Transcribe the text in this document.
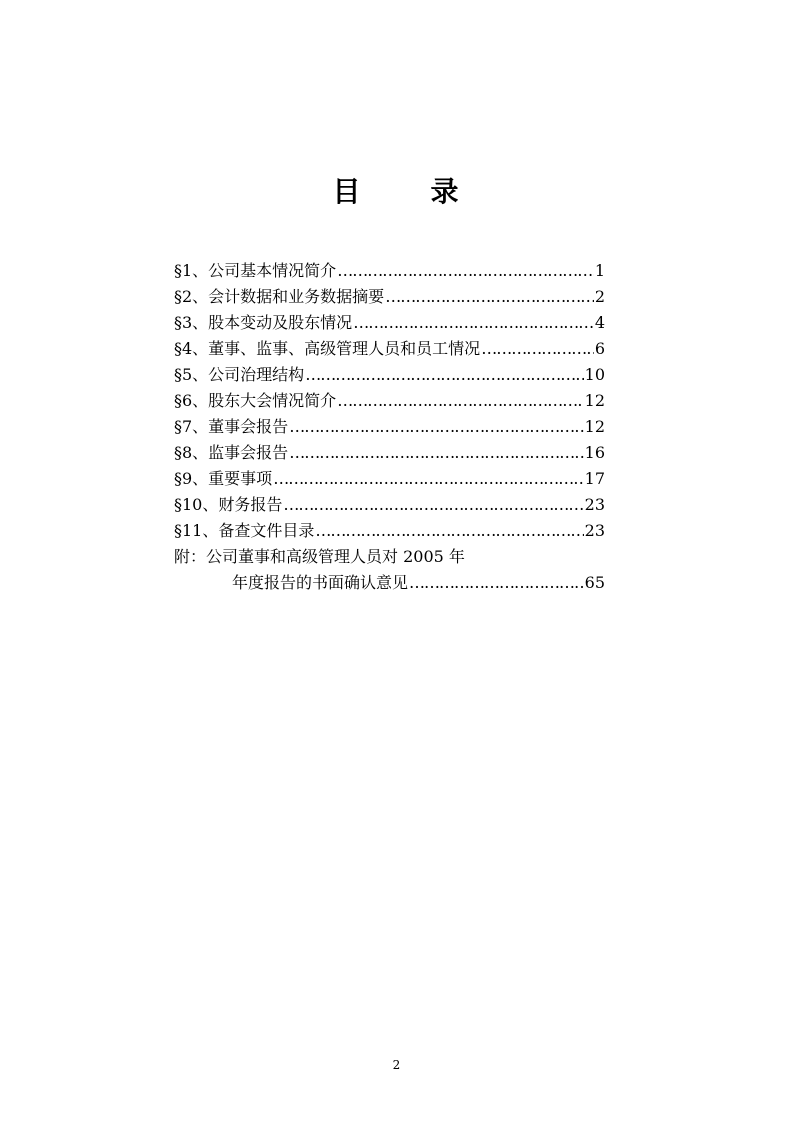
目 录
§1、公司基本情况简介 ………………………………………………………………………………………………………………………………………………………………	1
§2、会计数据和业务数据摘要 ………………………………………………………………………………………………………………………………………………………………	2
§3、股本变动及股东情况 ………………………………………………………………………………………………………………………………………………………………	4
§4、董事、监事、高级管理人员和员工情况 ………………………………………………………………………………………………………………………………………………………………	6
§5、公司治理结构 ………………………………………………………………………………………………………………………………………………………………	10
§6、股东大会情况简介 ………………………………………………………………………………………………………………………………………………………………	12
§7、董事会报告 ………………………………………………………………………………………………………………………………………………………………	12
§8、监事会报告 ………………………………………………………………………………………………………………………………………………………………	16
§9、重要事项 ………………………………………………………………………………………………………………………………………………………………	17
§10、财务报告 ………………………………………………………………………………………………………………………………………………………………	23
§11、备查文件目录 ………………………………………………………………………………………………………………………………………………………………	23
附：公司董事和高级管理人员对 2005 年
年度报告的书面确认意见 ………………………………………………………………………………………………………………………………………………………………	65
2
